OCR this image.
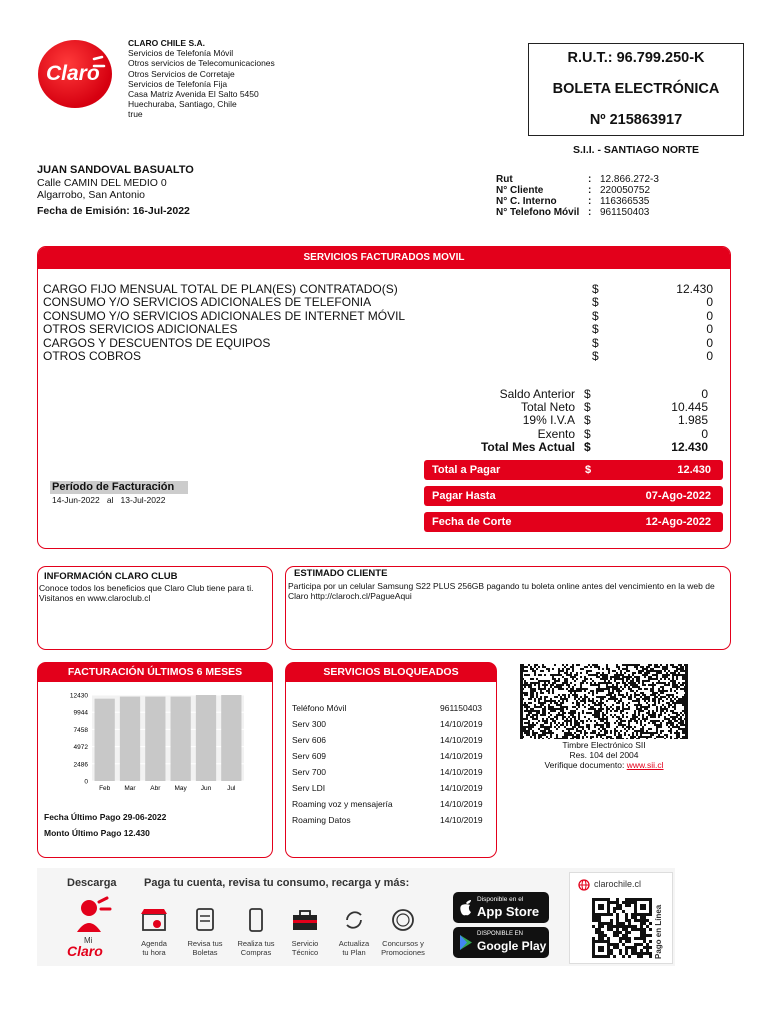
Claro
CLARO CHILE S.A.
Servicios de Telefonía Móvil
Otros servicios de Telecomunicaciones
Otros Servicios de Corretaje
Servicios de Telefonía Fija
Casa Matriz Avenida El Salto 5450
Huechuraba, Santiago, Chile
true
R.U.T.: 96.799.250-K
BOLETA ELECTRÓNICA
Nº 215863917
S.I.I. - SANTIAGO NORTE
JUAN SANDOVAL BASUALTO
Calle CAMIN DEL MEDIO 0
Algarrobo, San Antonio
Fecha de Emisión: 16-Jul-2022
Rut	: 12.866.272-3
N° Cliente	: 220050752
N° C. Interno	: 116366535
N° Telefono Móvil : 961150403
SERVICIOS FACTURADOS MOVIL
CARGO FIJO MENSUAL TOTAL DE PLAN(ES) CONTRATADO(S)	$	12.430
CONSUMO Y/O SERVICIOS ADICIONALES DE TELEFONIA	$	0
CONSUMO Y/O SERVICIOS ADICIONALES DE INTERNET MÓVIL	$	0
OTROS SERVICIOS ADICIONALES	$	0
CARGOS Y DESCUENTOS DE EQUIPOS	$	0
OTROS COBROS	$	0
Saldo Anterior $	0
Total Neto $	10.445
19% I.V.A $	1.985
Exento $	0
Total Mes Actual $	12.430
Total a Pagar	$	12.430
Pagar Hasta	07-Ago-2022
Fecha de Corte	12-Ago-2022
Período de Facturación
14-Jun-2022 al 13-Jul-2022
INFORMACIÓN CLARO CLUB
Conoce todos los beneficios que Claro Club tiene para ti. Visitanos en www.claroclub.cl
ESTIMADO CLIENTE
Participa por un celular Samsung S22 PLUS 256GB pagando tu boleta online antes del vencimiento en la web de Claro http://claroch.cl/PagueAqui
FACTURACIÓN ÚLTIMOS 6 MESES
0
2486
4972
7458
9944
12430
Feb Mar Abr May Jun Jul
Fecha Último Pago 29-06-2022
Monto Último Pago 12.430
SERVICIOS BLOQUEADOS
Teléfono Móvil	961150403
Serv 300	14/10/2019
Serv 606	14/10/2019
Serv 609	14/10/2019
Serv 700	14/10/2019
Serv LDI	14/10/2019
Roaming voz y mensajería	14/10/2019
Roaming Datos	14/10/2019
Timbre Electrónico SII
Res. 104 del 2004
Verifique documento: www.sii.cl
Descarga
Mi
Claro
Paga tu cuenta, revisa tu consumo, recarga y más:
Agenda
tu hora
Revisa tus
Boletas
Realiza tus
Compras
Servicio
Técnico
Actualiza
tu Plan
Concursos y
Promociones
Disponible en el
App Store
DISPONIBLE EN
Google Play
clarochile.cl
Pago en Línea
